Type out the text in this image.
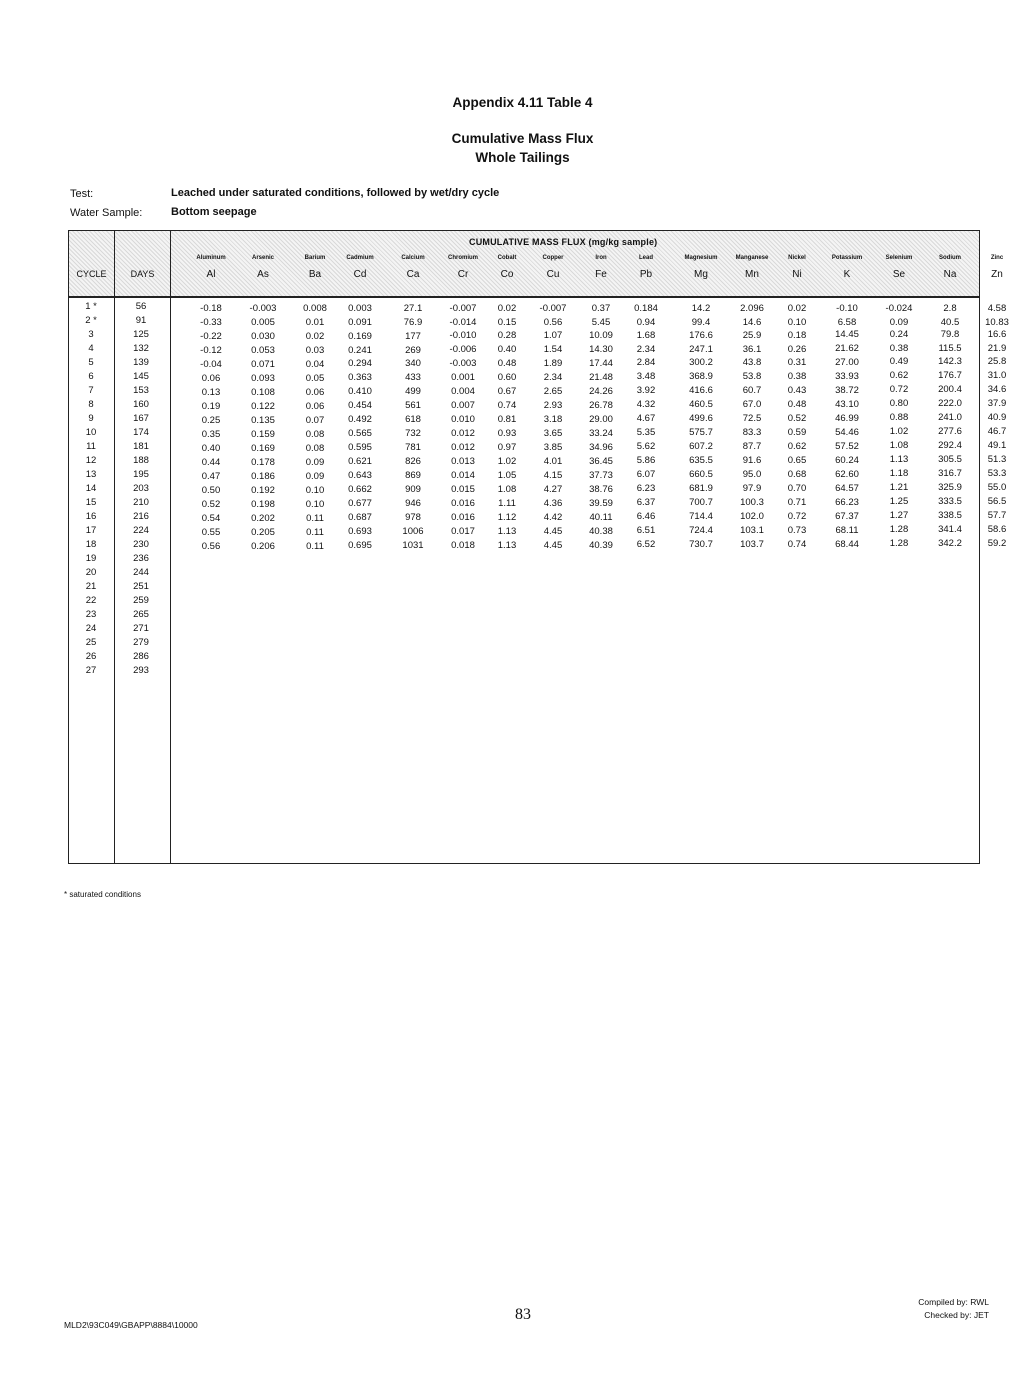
Appendix 4.11 Table 4
Cumulative Mass Flux
Whole Tailings
Test:	Leached under saturated conditions, followed by wet/dry cycle
Water Sample:	Bottom seepage
CYCLE	DAYS
CUMULATIVE MASS FLUX (mg/kg sample)
Aluminum
Al
Arsenic
As
Barium
Ba
Cadmium
Cd
Calcium
Ca
Chromium
Cr
Cobalt
Co
Copper
Cu
Iron
Fe
Lead
Pb
Magnesium
Mg
Manganese
Mn
Nickel
Ni
Potassium
K
Selenium
Se
Sodium
Na
Zinc
Zn
1 *	56	-0.18	-0.003	0.008	0.003	27.1	-0.007	0.02	-0.007	0.37	0.184	14.2	2.096	0.02	-0.10	-0.024	2.8	4.58
2 *	91	-0.33	0.005	0.01	0.091	76.9	-0.014	0.15	0.56	5.45	0.94	99.4	14.6	0.10	6.58	0.09	40.5	10.83
3	125	-0.22	0.030	0.02	0.169	177	-0.010	0.28	1.07	10.09	1.68	176.6	25.9	0.18	14.45	0.24	79.8	16.6
4	132	-0.12	0.053	0.03	0.241	269	-0.006	0.40	1.54	14.30	2.34	247.1	36.1	0.26	21.62	0.38	115.5	21.9
5	139	-0.04	0.071	0.04	0.294	340	-0.003	0.48	1.89	17.44	2.84	300.2	43.8	0.31	27.00	0.49	142.3	25.8
6	145	0.06	0.093	0.05	0.363	433	0.001	0.60	2.34	21.48	3.48	368.9	53.8	0.38	33.93	0.62	176.7	31.0
7	153	0.13	0.108	0.06	0.410	499	0.004	0.67	2.65	24.26	3.92	416.6	60.7	0.43	38.72	0.72	200.4	34.6
8	160	0.19	0.122	0.06	0.454	561	0.007	0.74	2.93	26.78	4.32	460.5	67.0	0.48	43.10	0.80	222.0	37.9
9	167	0.25	0.135	0.07	0.492	618	0.010	0.81	3.18	29.00	4.67	499.6	72.5	0.52	46.99	0.88	241.0	40.9
10	174	0.35	0.159	0.08	0.565	732	0.012	0.93	3.65	33.24	5.35	575.7	83.3	0.59	54.46	1.02	277.6	46.7
11	181	0.40	0.169	0.08	0.595	781	0.012	0.97	3.85	34.96	5.62	607.2	87.7	0.62	57.52	1.08	292.4	49.1
12	188	0.44	0.178	0.09	0.621	826	0.013	1.02	4.01	36.45	5.86	635.5	91.6	0.65	60.24	1.13	305.5	51.3
13	195	0.47	0.186	0.09	0.643	869	0.014	1.05	4.15	37.73	6.07	660.5	95.0	0.68	62.60	1.18	316.7	53.3
14	203	0.50	0.192	0.10	0.662	909	0.015	1.08	4.27	38.76	6.23	681.9	97.9	0.70	64.57	1.21	325.9	55.0
15	210	0.52	0.198	0.10	0.677	946	0.016	1.11	4.36	39.59	6.37	700.7	100.3	0.71	66.23	1.25	333.5	56.5
16	216	0.54	0.202	0.11	0.687	978	0.016	1.12	4.42	40.11	6.46	714.4	102.0	0.72	67.37	1.27	338.5	57.7
17	224	0.55	0.205	0.11	0.693	1006	0.017	1.13	4.45	40.38	6.51	724.4	103.1	0.73	68.11	1.28	341.4	58.6
18	230	0.56	0.206	0.11	0.695	1031	0.018	1.13	4.45	40.39	6.52	730.7	103.7	0.74	68.44	1.28	342.2	59.2
19	236
20	244
21	251
22	259
23	265
24	271
25	279
26	286
27	293
* saturated conditions
83
MLD2\93C049\GBAPP\8884\10000
Compiled by: RWL
Checked by: JET
